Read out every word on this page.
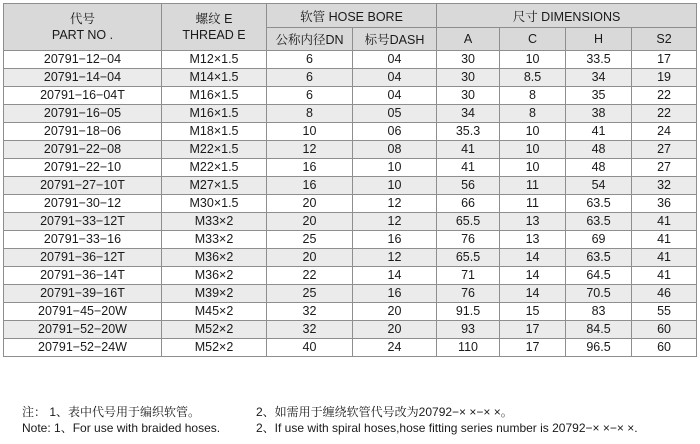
代号
PART NO .	螺纹 E
THREAD E	软管 HOSE BORE		尺寸 DIMENSIONS			
		公称内径DN	标号DASH	A	C	H	S2
20791−12−04	M12×1.5	6	04	30	10	33.5	17
20791−14−04	M14×1.5	6	04	30	8.5	34	19
20791−16−04T	M16×1.5	6	04	30	8	35	22
20791−16−05	M16×1.5	8	05	34	8	38	22
20791−18−06	M18×1.5	10	06	35.3	10	41	24
20791−22−08	M22×1.5	12	08	41	10	48	27
20791−22−10	M22×1.5	16	10	41	10	48	27
20791−27−10T	M27×1.5	16	10	56	11	54	32
20791−30−12	M30×1.5	20	12	66	11	63.5	36
20791−33−12T	M33×2	20	12	65.5	13	63.5	41
20791−33−16	M33×2	25	16	76	13	69	41
20791−36−12T	M36×2	20	12	65.5	14	63.5	41
20791−36−14T	M36×2	22	14	71	14	64.5	41
20791−39−16T	M39×2	25	16	76	14	70.5	46
20791−45−20W	M45×2	32	20	91.5	15	83	55
20791−52−20W	M52×2	32	20	93	17	84.5	60
20791−52−24W	M52×2	40	24	110	17	96.5	60
注： 1、表中代号用于编织软管。	2、如需用于缠绕软管代号改为20792−× ×−× ×。
Note: 1、For use with braided hoses.	2、If use with spiral hoses,hose fitting series number is 20792−× ×−× ×.
